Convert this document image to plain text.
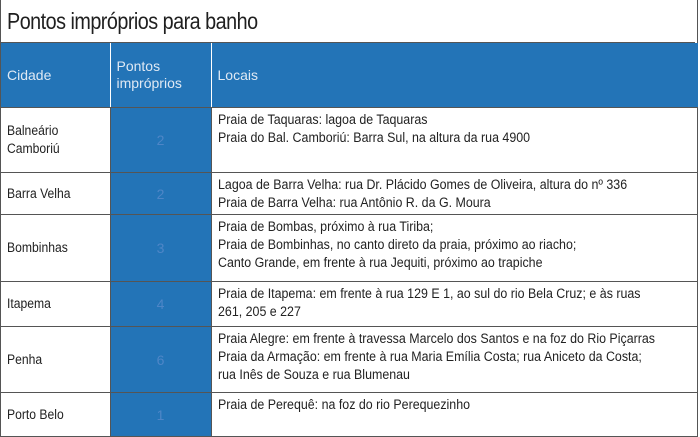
Pontos impróprios para banho
Cidade	Pontos impróprios	Locais
Balneário Camboriú	2	Praia de Taquaras: lagoa de Taquaras
Praia do Bal. Camboriú: Barra Sul, na altura da rua 4900

Barra Velha	2	Lagoa de Barra Velha: rua Dr. Plácido Gomes de Oliveira, altura do nº 336
Praia de Barra Velha: rua Antônio R. da G. Moura

Bombinhas	3	Praia de Bombas, próximo à rua Tiriba;
Praia de Bombinhas, no canto direto da praia, próximo ao riacho;
Canto Grande, em frente à rua Jequiti, próximo ao trapiche

Itapema	4	Praia de Itapema: em frente à rua 129 E 1, ao sul do rio Bela Cruz; e às ruas
261, 205 e 227

Penha	6	Praia Alegre: em frente à travessa Marcelo dos Santos e na foz do Rio Piçarras
Praia da Armação: em frente à rua Maria Emília Costa; rua Aniceto da Costa;
rua Inês de Souza e rua Blumenau

Porto Belo	1	Praia de Perequê: na foz do rio Perequezinho
